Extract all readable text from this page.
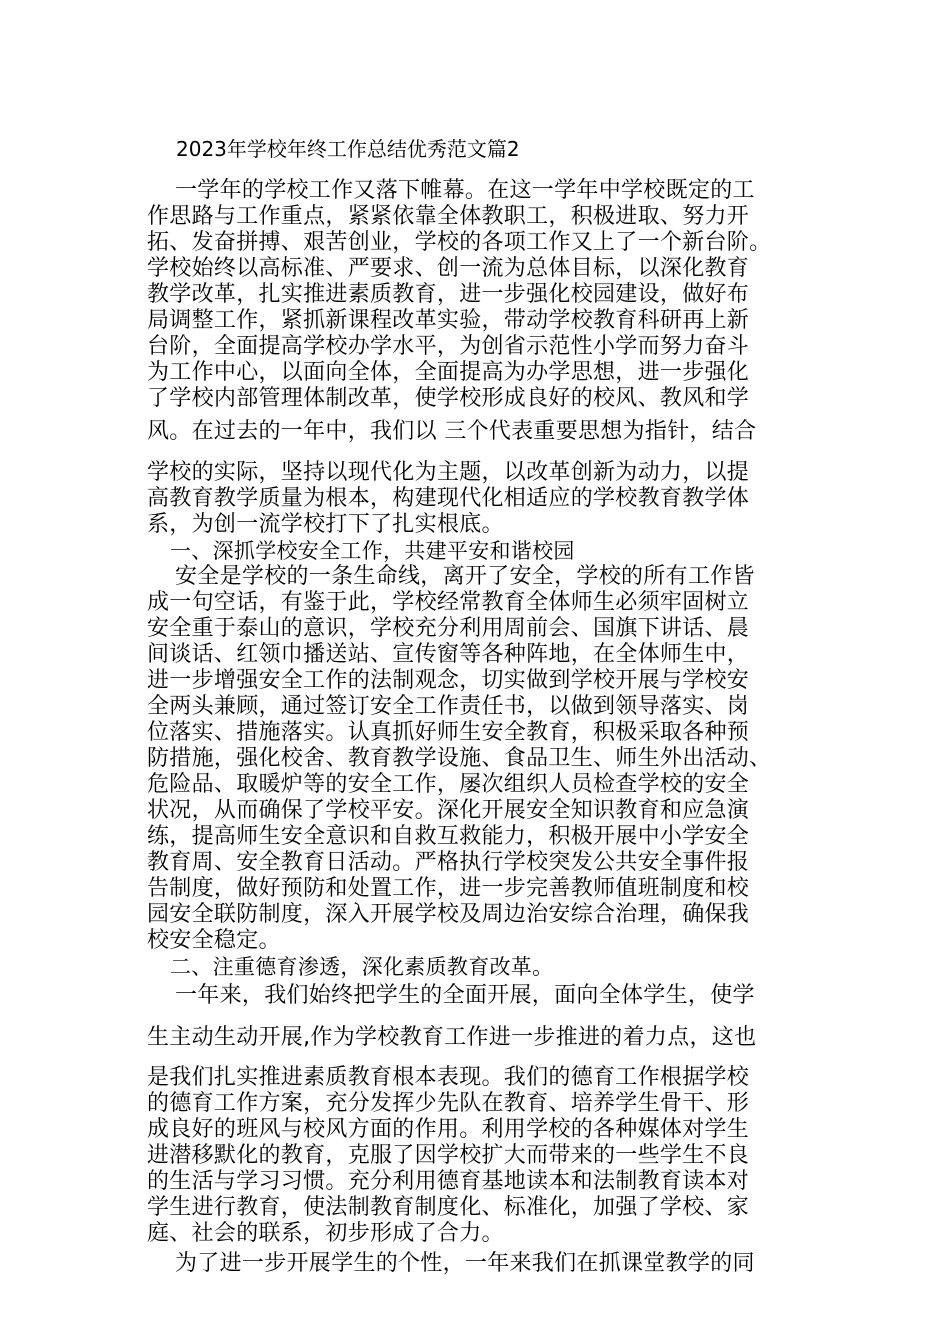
2023年学校年终工作总结优秀范文篇2
一学年的学校工作又落下帷幕。在这一学年中学校既定的工
作思路与工作重点，紧紧依靠全体教职工，积极进取、努力开
拓、发奋拼搏、艰苦创业，学校的各项工作又上了一个新台阶。
学校始终以高标准、严要求、创一流为总体目标，以深化教育
教学改革，扎实推进素质教育，进一步强化校园建设，做好布
局调整工作，紧抓新课程改革实验，带动学校教育科研再上新
台阶，全面提高学校办学水平，为创省示范性小学而努力奋斗
为工作中心，以面向全体，全面提高为办学思想，进一步强化
了学校内部管理体制改革，使学校形成良好的校风、教风和学
风。在过去的一年中，我们以 三个代表重要思想为指针，结合
学校的实际，坚持以现代化为主题，以改革创新为动力，以提
高教育教学质量为根本，构建现代化相适应的学校教育教学体
系，为创一流学校打下了扎实根底。
一、深抓学校安全工作，共建平安和谐校园
安全是学校的一条生命线，离开了安全，学校的所有工作皆
成一句空话，有鉴于此，学校经常教育全体师生必须牢固树立
安全重于泰山的意识，学校充分利用周前会、国旗下讲话、晨
间谈话、红领巾播送站、宣传窗等各种阵地，在全体师生中，
进一步增强安全工作的法制观念，切实做到学校开展与学校安
全两头兼顾，通过签订安全工作责任书，以做到领导落实、岗
位落实、措施落实。认真抓好师生安全教育，积极采取各种预
防措施，强化校舍、教育教学设施、食品卫生、师生外出活动、
危险品、取暖炉等的安全工作，屡次组织人员检查学校的安全
状况，从而确保了学校平安。深化开展安全知识教育和应急演
练，提高师生安全意识和自救互救能力，积极开展中小学安全
教育周、安全教育日活动。严格执行学校突发公共安全事件报
告制度，做好预防和处置工作，进一步完善教师值班制度和校
园安全联防制度，深入开展学校及周边治安综合治理，确保我
校安全稳定。
二、注重德育渗透，深化素质教育改革。
一年来，我们始终把学生的全面开展，面向全体学生，使学
生主动生动开展,作为学校教育工作进一步推进的着力点，这也
是我们扎实推进素质教育根本表现。我们的德育工作根据学校
的德育工作方案，充分发挥少先队在教育、培养学生骨干、形
成良好的班风与校风方面的作用。利用学校的各种媒体对学生
进潜移默化的教育，克服了因学校扩大而带来的一些学生不良
的生活与学习习惯。充分利用德育基地读本和法制教育读本对
学生进行教育，使法制教育制度化、标准化，加强了学校、家
庭、社会的联系，初步形成了合力。
为了进一步开展学生的个性，一年来我们在抓课堂教学的同
